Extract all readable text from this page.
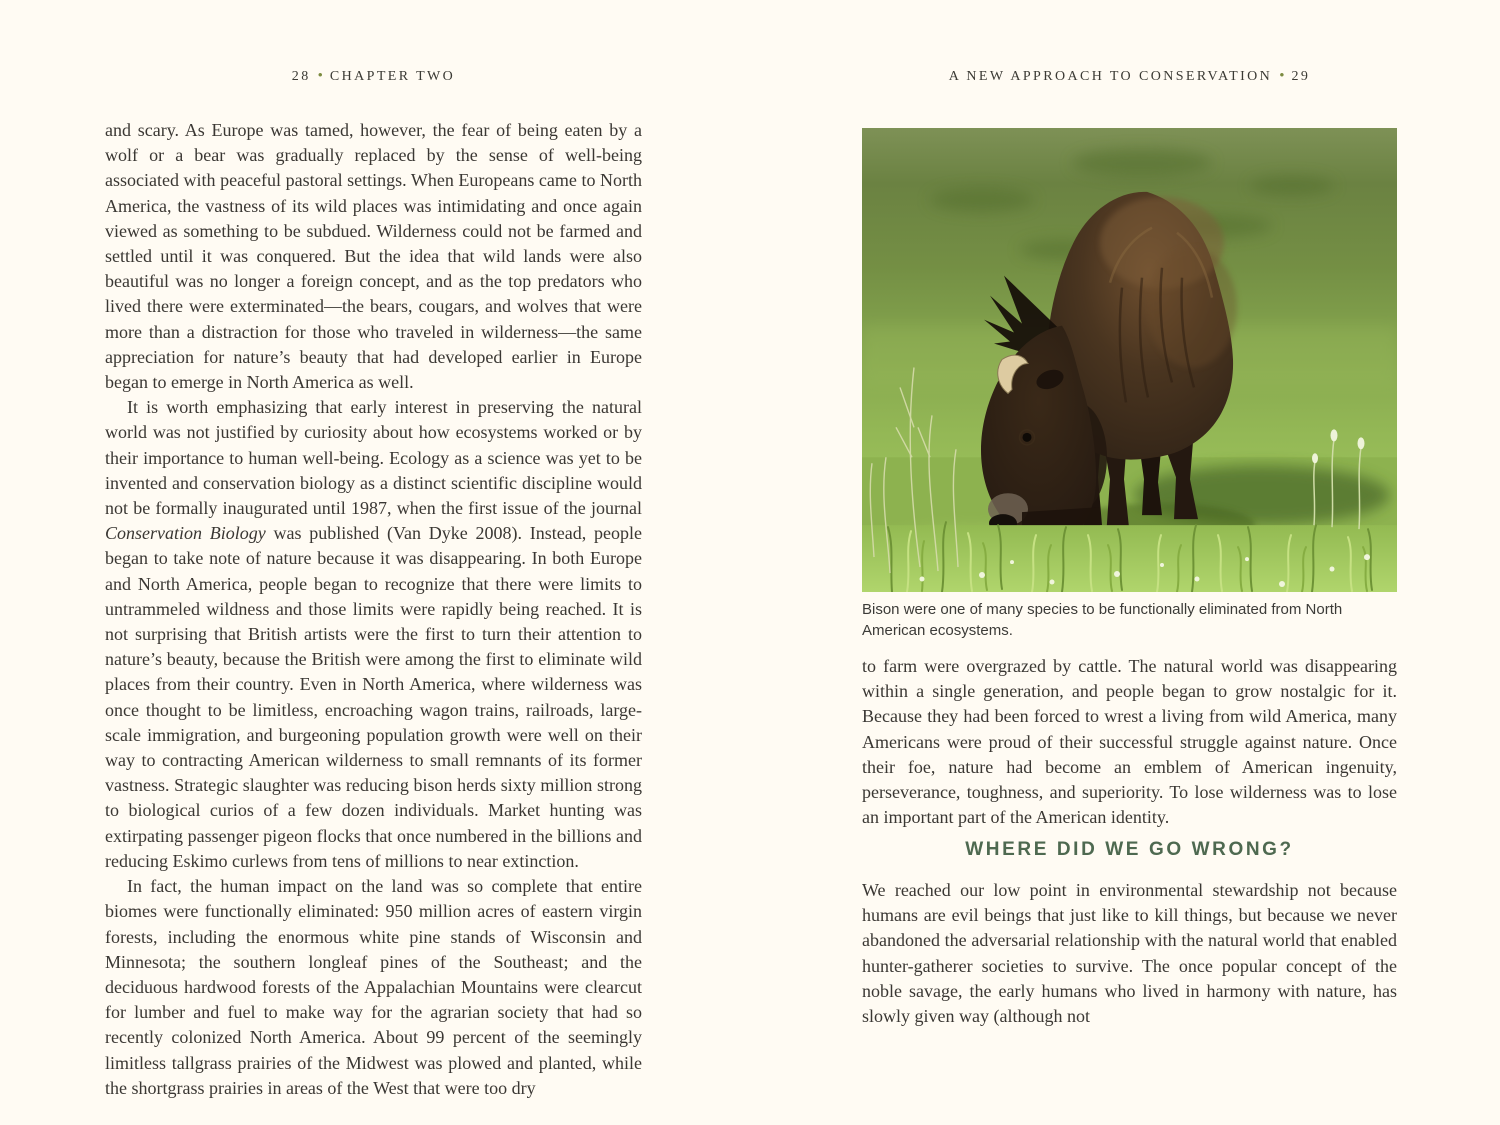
28 • CHAPTER TWO	A NEW APPROACH TO CONSERVATION • 29

and scary. As Europe was tamed, however, the fear of being eaten by a wolf or a bear was gradually replaced by the sense of well-being associated with peaceful pastoral settings. When Europeans came to North America, the vastness of its wild places was intimidating and once again viewed as something to be subdued. Wilderness could not be farmed and settled until it was conquered. But the idea that wild lands were also beautiful was no longer a foreign concept, and as the top predators who lived there were exterminated—the bears, cougars, and wolves that were more than a distraction for those who traveled in wilderness—the same appreciation for nature’s beauty that had developed earlier in Europe began to emerge in North America as well.

It is worth emphasizing that early interest in preserving the natural world was not justified by curiosity about how ecosystems worked or by their importance to human well-being. Ecology as a science was yet to be invented and conservation biology as a distinct scientific discipline would not be formally inaugurated until 1987, when the first issue of the journal Conservation Biology was published (Van Dyke 2008). Instead, people began to take note of nature because it was disappearing. In both Europe and North America, people began to recognize that there were limits to untrammeled wildness and those limits were rapidly being reached. It is not surprising that British artists were the first to turn their attention to nature’s beauty, because the British were among the first to eliminate wild places from their country. Even in North America, where wilderness was once thought to be limitless, encroaching wagon trains, railroads, large-scale immigration, and burgeoning population growth were well on their way to contracting American wilderness to small remnants of its former vastness. Strategic slaughter was reducing bison herds sixty million strong to biological curios of a few dozen individuals. Market hunting was extirpating passenger pigeon flocks that once numbered in the billions and reducing Eskimo curlews from tens of millions to near extinction.

In fact, the human impact on the land was so complete that entire biomes were functionally eliminated: 950 million acres of eastern virgin forests, including the enormous white pine stands of Wisconsin and Minnesota; the southern longleaf pines of the Southeast; and the deciduous hardwood forests of the Appalachian Mountains were clearcut for lumber and fuel to make way for the agrarian society that had so recently colonized North America. About 99 percent of the seemingly limitless tallgrass prairies of the Midwest was plowed and planted, while the shortgrass prairies in areas of the West that were too dry

Bison were one of many species to be functionally eliminated from North American ecosystems.

to farm were overgrazed by cattle. The natural world was disappearing within a single generation, and people began to grow nostalgic for it. Because they had been forced to wrest a living from wild America, many Americans were proud of their successful struggle against nature. Once their foe, nature had become an emblem of American ingenuity, perseverance, toughness, and superiority. To lose wilderness was to lose an important part of the American identity.

WHERE DID WE GO WRONG?

We reached our low point in environmental stewardship not because humans are evil beings that just like to kill things, but because we never abandoned the adversarial relationship with the natural world that enabled hunter-gatherer societies to survive. The once popular concept of the noble savage, the early humans who lived in harmony with nature, has slowly given way (although not
